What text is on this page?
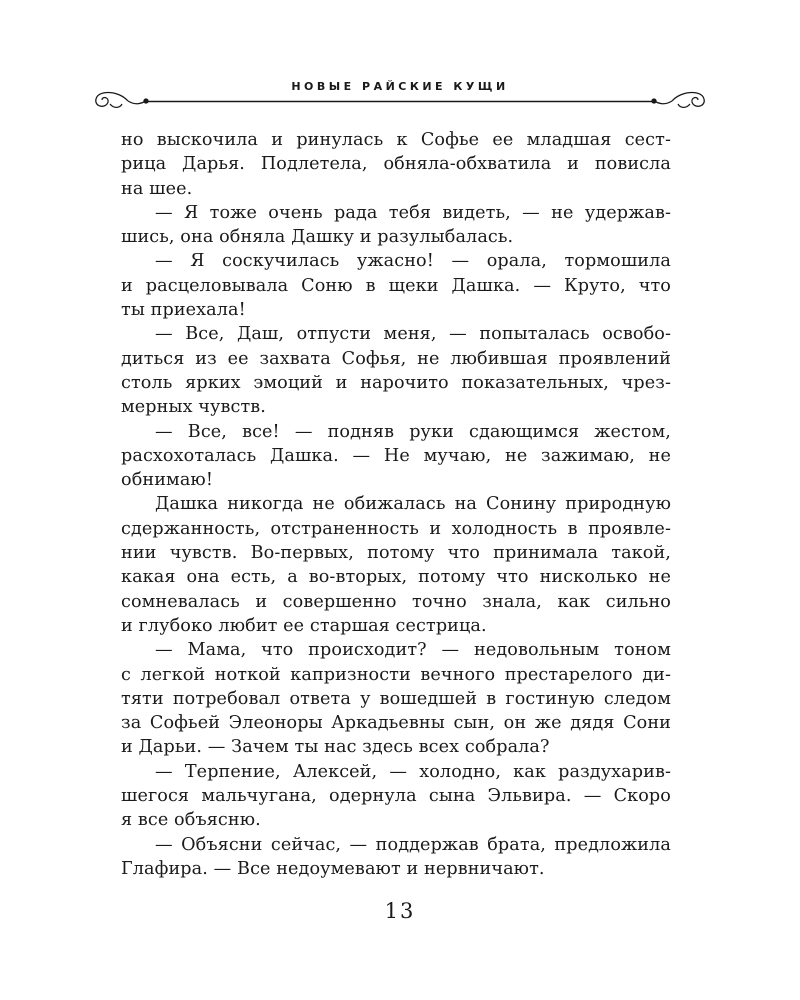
НОВЫЕ РАЙСКИЕ КУЩИ

но выскочила и ринулась к Софье ее младшая сест-
рица Дарья. Подлетела, обняла-обхватила и повисла
на шее.

— Я тоже очень рада тебя видеть, — не удержав-
шись, она обняла Дашку и разулыбалась.

— Я соскучилась ужасно! — орала, тормошила
и расцеловывала Соню в щеки Дашка. — Круто, что
ты приехала!

— Все, Даш, отпусти меня, — попыталась освобо-
диться из ее захвата Софья, не любившая проявлений
столь ярких эмоций и нарочито показательных, чрез-
мерных чувств.

— Все, все! — подняв руки сдающимся жестом,
расхохоталась Дашка. — Не мучаю, не зажимаю, не
обнимаю!

Дашка никогда не обижалась на Сонину природную
сдержанность, отстраненность и холодность в проявле-
нии чувств. Во-первых, потому что принимала такой,
какая она есть, а во-вторых, потому что нисколько не
сомневалась и совершенно точно знала, как сильно
и глубоко любит ее старшая сестрица.

— Мама, что происходит? — недовольным тоном
с легкой ноткой капризности вечного престарелого ди-
тяти потребовал ответа у вошедшей в гостиную следом
за Софьей Элеоноры Аркадьевны сын, он же дядя Сони
и Дарьи. — Зачем ты нас здесь всех собрала?

— Терпение, Алексей, — холодно, как раздухарив-
шегося мальчугана, одернула сына Эльвира. — Скоро
я все объясню.

— Объясни сейчас, — поддержав брата, предложила
Глафира. — Все недоумевают и нервничают.

13
